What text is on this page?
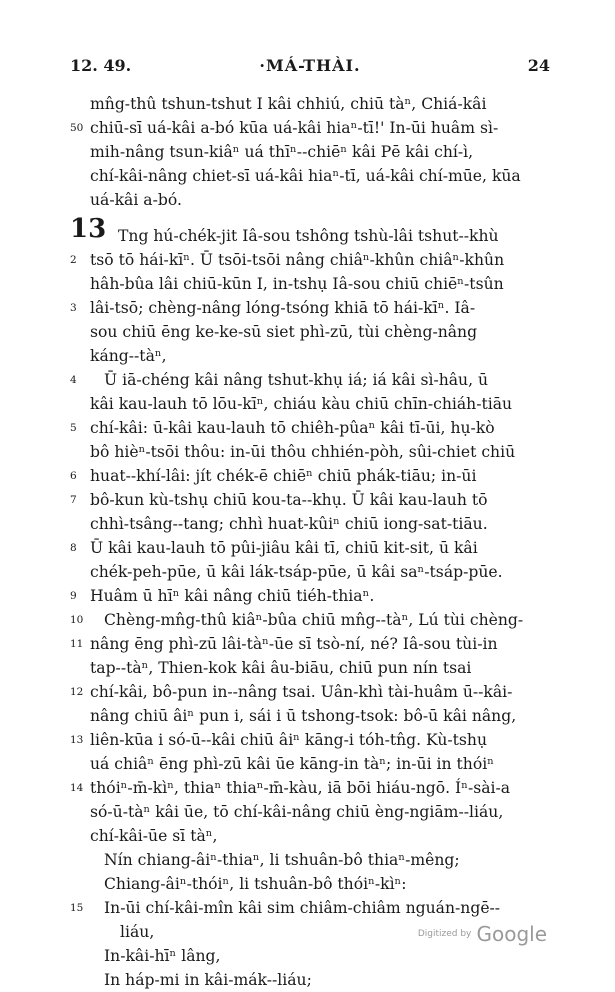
12. 49.	·MÁ-THÀI.	24
mn̂g-thû tshun-tshut I kâi chhiú, chiū tàⁿ, Chiá-kâi
50 chiū-sī uá-kâi a-bó kūa uá-kâi hiaⁿ-tī!' In-ūi huâm sì-
mih-nâng tsun-kiâⁿ uá thīⁿ--chiēⁿ kâi Pē kâi chí-ì,
chí-kâi-nâng chiet-sī uá-kâi hiaⁿ-tī, uá-kâi chí-mūe, kūa
uá-kâi a-bó.
13 Tng hú-chék-jit Iâ-sou tshông tshù-lâi tshut--khù
2 tsō tō hái-kīⁿ. Ū tsōi-tsōi nâng chiâⁿ-khûn chiâⁿ-khûn
hâh-bûa lâi chiū-kūn I, in-tshụ Iâ-sou chiū chiēⁿ-tsûn
3 lâi-tsō; chèng-nâng lóng-tsóng khiā tō hái-kīⁿ. Iâ-
sou chiū ēng ke-ke-sū siet phì-zū, tùi chèng-nâng
káng--tàⁿ,
4	Ū iā-chéng kâi nâng tshut-khụ iá; iá kâi sì-hâu, ū
kâi kau-lauh tō lōu-kīⁿ, chiáu kàu chiū chīn-chiáh-tiāu
5 chí-kâi: ū-kâi kau-lauh tō chiêh-pûaⁿ kâi tī-ūi, hụ-kò
bô hièⁿ-tsōi thôu: in-ūi thôu chhién-pòh, sûi-chiet chiū
6 huat--khí-lâi: jít chék-ē chiēⁿ chiū phák-tiāu; in-ūi
7 bô-kun kù-tshụ chiū kou-ta--khụ. Ū kâi kau-lauh tō
chhì-tsâng--tang; chhì huat-kûiⁿ chiū iong-sat-tiāu.
8 Ū kâi kau-lauh tō pûi-jiâu kâi tī, chiū kit-sit, ū kâi
chék-peh-pūe, ū kâi lák-tsáp-pūe, ū kâi saⁿ-tsáp-pūe.
9 Huâm ū hīⁿ kâi nâng chiū tiéh-thiaⁿ.
10	Chèng-mn̂g-thû kiâⁿ-bûa chiū mn̂g--tàⁿ, Lú tùi chèng-
11 nâng ēng phì-zū lâi-tàⁿ-ūe sī tsò-ní, né? Iâ-sou tùi-in
tap--tàⁿ, Thien-kok kâi âu-biāu, chiū pun nín tsai
12 chí-kâi, bô-pun in--nâng tsai. Uân-khì tài-huâm ū--kâi-
nâng chiū âiⁿ pun i, sái i ū tshong-tsok: bô-ū kâi nâng,
13 liên-kūa i só-ū--kâi chiū âiⁿ kāng-i tóh-tn̂g. Kù-tshụ
uá chiâⁿ ēng phì-zū kâi ūe kāng-in tàⁿ; in-ūi in thóiⁿ
14 thóiⁿ-m̄-kìⁿ, thiaⁿ thiaⁿ-m̄-kàu, iā bōi hiáu-ngō. Íⁿ-sài-a
só-ū-tàⁿ kâi ūe, tō chí-kâi-nâng chiū èng-ngiām--liáu,
chí-kâi-ūe sī tàⁿ,
Nín chiang-âiⁿ-thiaⁿ, li tshuân-bô thiaⁿ-mêng;
Chiang-âiⁿ-thóiⁿ, li tshuân-bô thóiⁿ-kìⁿ:
15	In-ūi chí-kâi-mîn kâi sim chiâm-chiâm nguán-ngē--
liáu,
In-kâi-hīⁿ lâng,
In háp-mi in kâi-mák--liáu;
Digitized by Google
